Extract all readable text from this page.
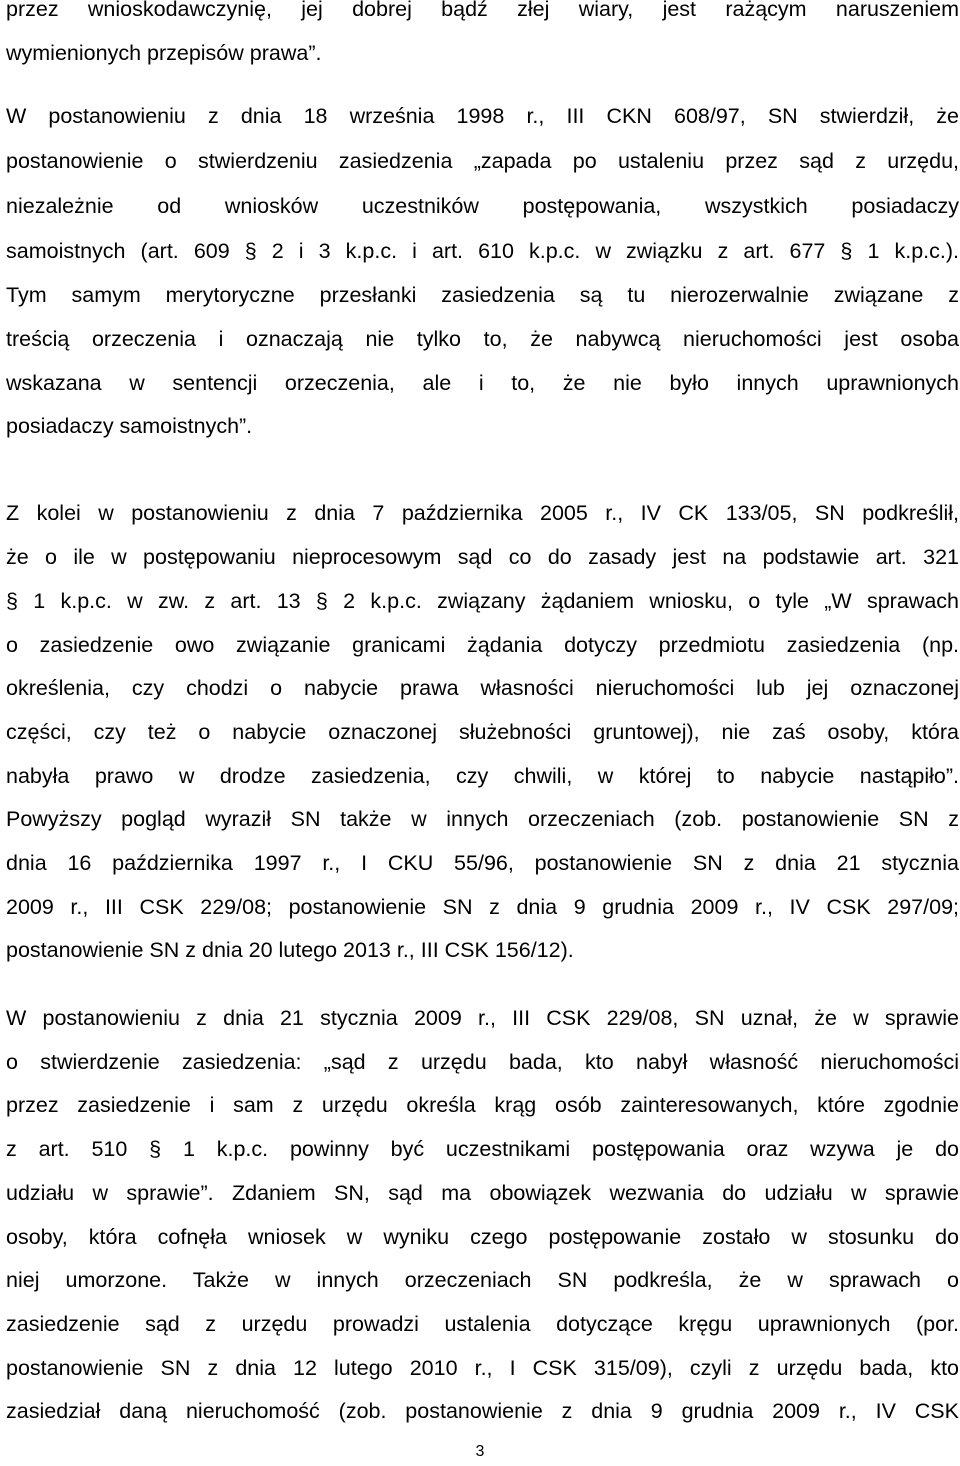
przez wnioskodawczynię, jej dobrej bądź złej wiary, jest rażącym naruszeniem
wymienionych przepisów prawa”.
W postanowieniu z dnia 18 września 1998 r., III CKN 608/97, SN stwierdził, że
postanowienie o stwierdzeniu zasiedzenia „zapada po ustaleniu przez sąd z urzędu,
niezależnie od wniosków uczestników postępowania, wszystkich posiadaczy
samoistnych (art. 609 § 2 i 3 k.p.c. i art. 610 k.p.c. w związku z art. 677 § 1 k.p.c.).
Tym samym merytoryczne przesłanki zasiedzenia są tu nierozerwalnie związane z
treścią orzeczenia i oznaczają nie tylko to, że nabywcą nieruchomości jest osoba
wskazana w sentencji orzeczenia, ale i to, że nie było innych uprawnionych
posiadaczy samoistnych”.
Z kolei w postanowieniu z dnia 7 października 2005 r., IV CK 133/05, SN podkreślił,
że o ile w postępowaniu nieprocesowym sąd co do zasady jest na podstawie art. 321
§ 1 k.p.c. w zw. z art. 13 § 2 k.p.c. związany żądaniem wniosku, o tyle „W sprawach
o zasiedzenie owo związanie granicami żądania dotyczy przedmiotu zasiedzenia (np.
określenia, czy chodzi o nabycie prawa własności nieruchomości lub jej oznaczonej
części, czy też o nabycie oznaczonej służebności gruntowej), nie zaś osoby, która
nabyła prawo w drodze zasiedzenia, czy chwili, w której to nabycie nastąpiło”.
Powyższy pogląd wyraził SN także w innych orzeczeniach (zob. postanowienie SN z
dnia 16 października 1997 r., I CKU 55/96, postanowienie SN z dnia 21 stycznia
2009 r., III CSK 229/08; postanowienie SN z dnia 9 grudnia 2009 r., IV CSK 297/09;
postanowienie SN z dnia 20 lutego 2013 r., III CSK 156/12).
W postanowieniu z dnia 21 stycznia 2009 r., III CSK 229/08, SN uznał, że w sprawie
o stwierdzenie zasiedzenia: „sąd z urzędu bada, kto nabył własność nieruchomości
przez zasiedzenie i sam z urzędu określa krąg osób zainteresowanych, które zgodnie
z art. 510 § 1 k.p.c. powinny być uczestnikami postępowania oraz wzywa je do
udziału w sprawie”. Zdaniem SN, sąd ma obowiązek wezwania do udziału w sprawie
osoby, która cofnęła wniosek w wyniku czego postępowanie zostało w stosunku do
niej umorzone. Także w innych orzeczeniach SN podkreśla, że w sprawach o
zasiedzenie sąd z urzędu prowadzi ustalenia dotyczące kręgu uprawnionych (por.
postanowienie SN z dnia 12 lutego 2010 r., I CSK 315/09), czyli z urzędu bada, kto
zasiedział daną nieruchomość (zob. postanowienie z dnia 9 grudnia 2009 r., IV CSK
3
